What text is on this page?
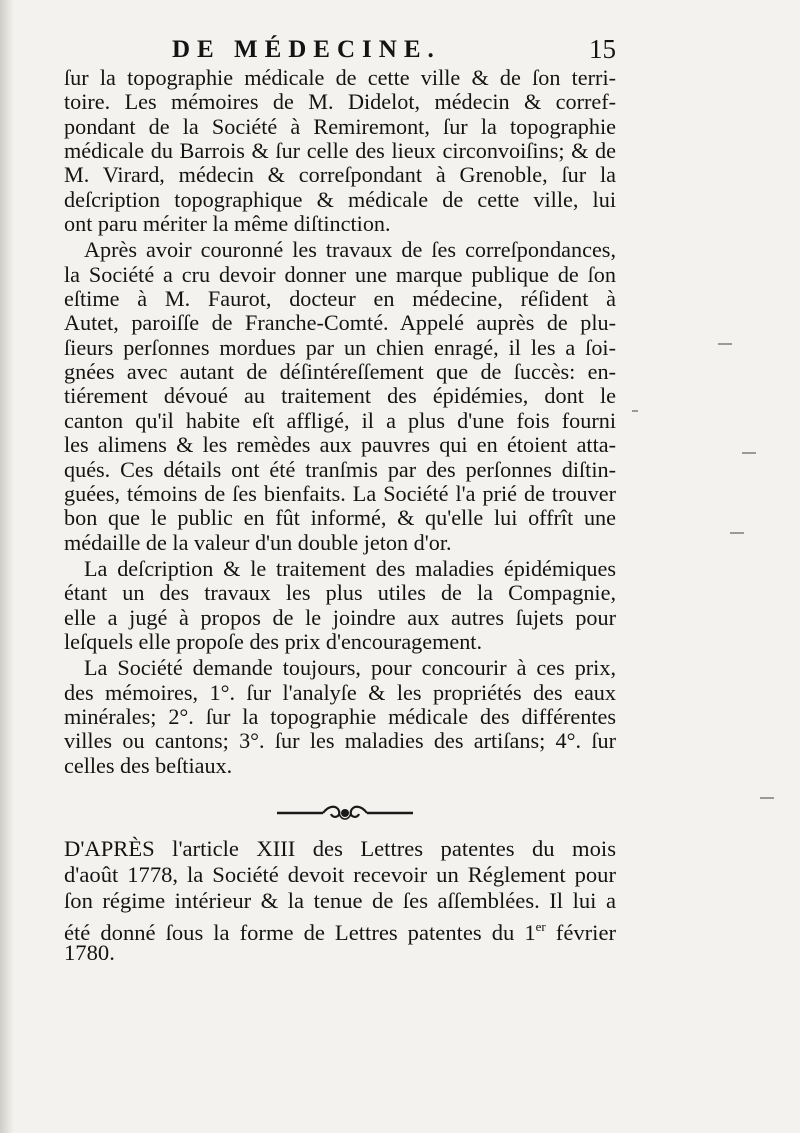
DE MÉDECINE.	15
ſur la topographie médicale de cette ville & de ſon terri-
toire. Les mémoires de M. Didelot, médecin & corref-
pondant de la Société à Remiremont, ſur la topographie
médicale du Barrois & ſur celle des lieux circonvoiſins; & de
M. Virard, médecin & correſpondant à Grenoble, ſur la
deſcription topographique & médicale de cette ville, lui
ont paru mériter la même diſtinction.
Après avoir couronné les travaux de ſes correſpondances,
la Société a cru devoir donner une marque publique de ſon
eſtime à M. Faurot, docteur en médecine, réſident à
Autet, paroiſſe de Franche-Comté. Appelé auprès de plu-
ſieurs perſonnes mordues par un chien enragé, il les a ſoi-
gnées avec autant de déſintéreſſement que de ſuccès: en-
tiérement dévoué au traitement des épidémies, dont le
canton qu'il habite eſt affligé, il a plus d'une fois fourni
les alimens & les remèdes aux pauvres qui en étoient atta-
qués. Ces détails ont été tranſmis par des perſonnes diſtin-
guées, témoins de ſes bienfaits. La Société l'a prié de trouver
bon que le public en fût informé, & qu'elle lui offrît une
médaille de la valeur d'un double jeton d'or.
La deſcription & le traitement des maladies épidémiques
étant un des travaux les plus utiles de la Compagnie,
elle a jugé à propos de le joindre aux autres ſujets pour
leſquels elle propoſe des prix d'encouragement.
La Société demande toujours, pour concourir à ces prix,
des mémoires, 1°. ſur l'analyſe & les propriétés des eaux
minérales; 2°. ſur la topographie médicale des différentes
villes ou cantons; 3°. ſur les maladies des artiſans; 4°. ſur
celles des beſtiaux.
D'APRÈS l'article XIII des Lettres patentes du mois
d'août 1778, la Société devoit recevoir un Réglement pour
ſon régime intérieur & la tenue de ſes aſſemblées. Il lui a
été donné ſous la forme de Lettres patentes du 1er février
1780.
